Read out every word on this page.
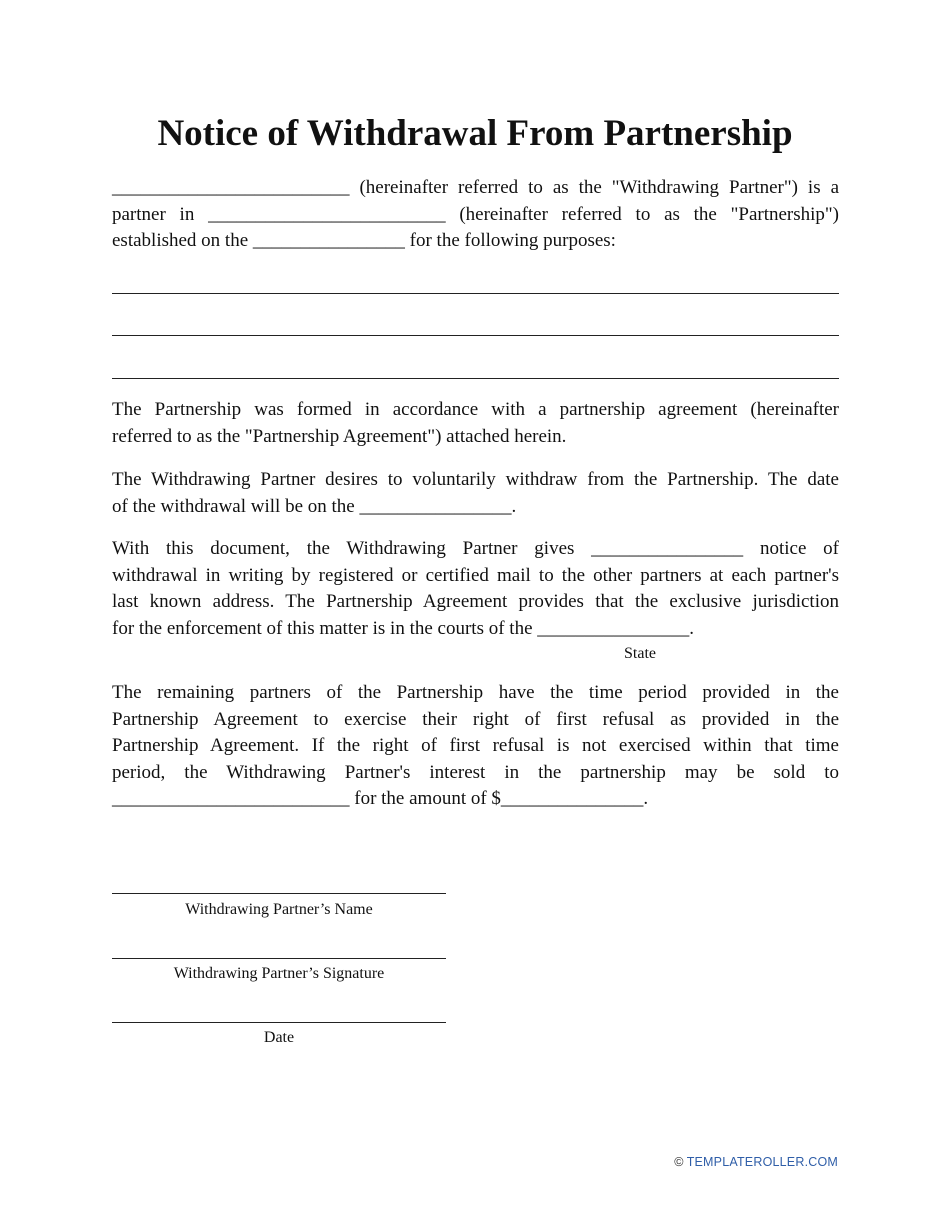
Notice of Withdrawal From Partnership
_________________________ (hereinafter referred to as the "Withdrawing Partner") is a
partner in _________________________ (hereinafter referred to as the "Partnership")
established on the ________________ for the following purposes:
The Partnership was formed in accordance with a partnership agreement (hereinafter
referred to as the "Partnership Agreement") attached herein.
The Withdrawing Partner desires to voluntarily withdraw from the Partnership. The date
of the withdrawal will be on the ________________.
With this document, the Withdrawing Partner gives ________________ notice of
withdrawal in writing by registered or certified mail to the other partners at each partner's
last known address. The Partnership Agreement provides that the exclusive jurisdiction
for the enforcement of this matter is in the courts of the ________________.
State
The remaining partners of the Partnership have the time period provided in the
Partnership Agreement to exercise their right of first refusal as provided in the
Partnership Agreement. If the right of first refusal is not exercised within that time
period, the Withdrawing Partner's interest in the partnership may be sold to
_________________________ for the amount of $_______________.
Withdrawing Partner’s Name
Withdrawing Partner’s Signature
Date
© TEMPLATEROLLER.COM
